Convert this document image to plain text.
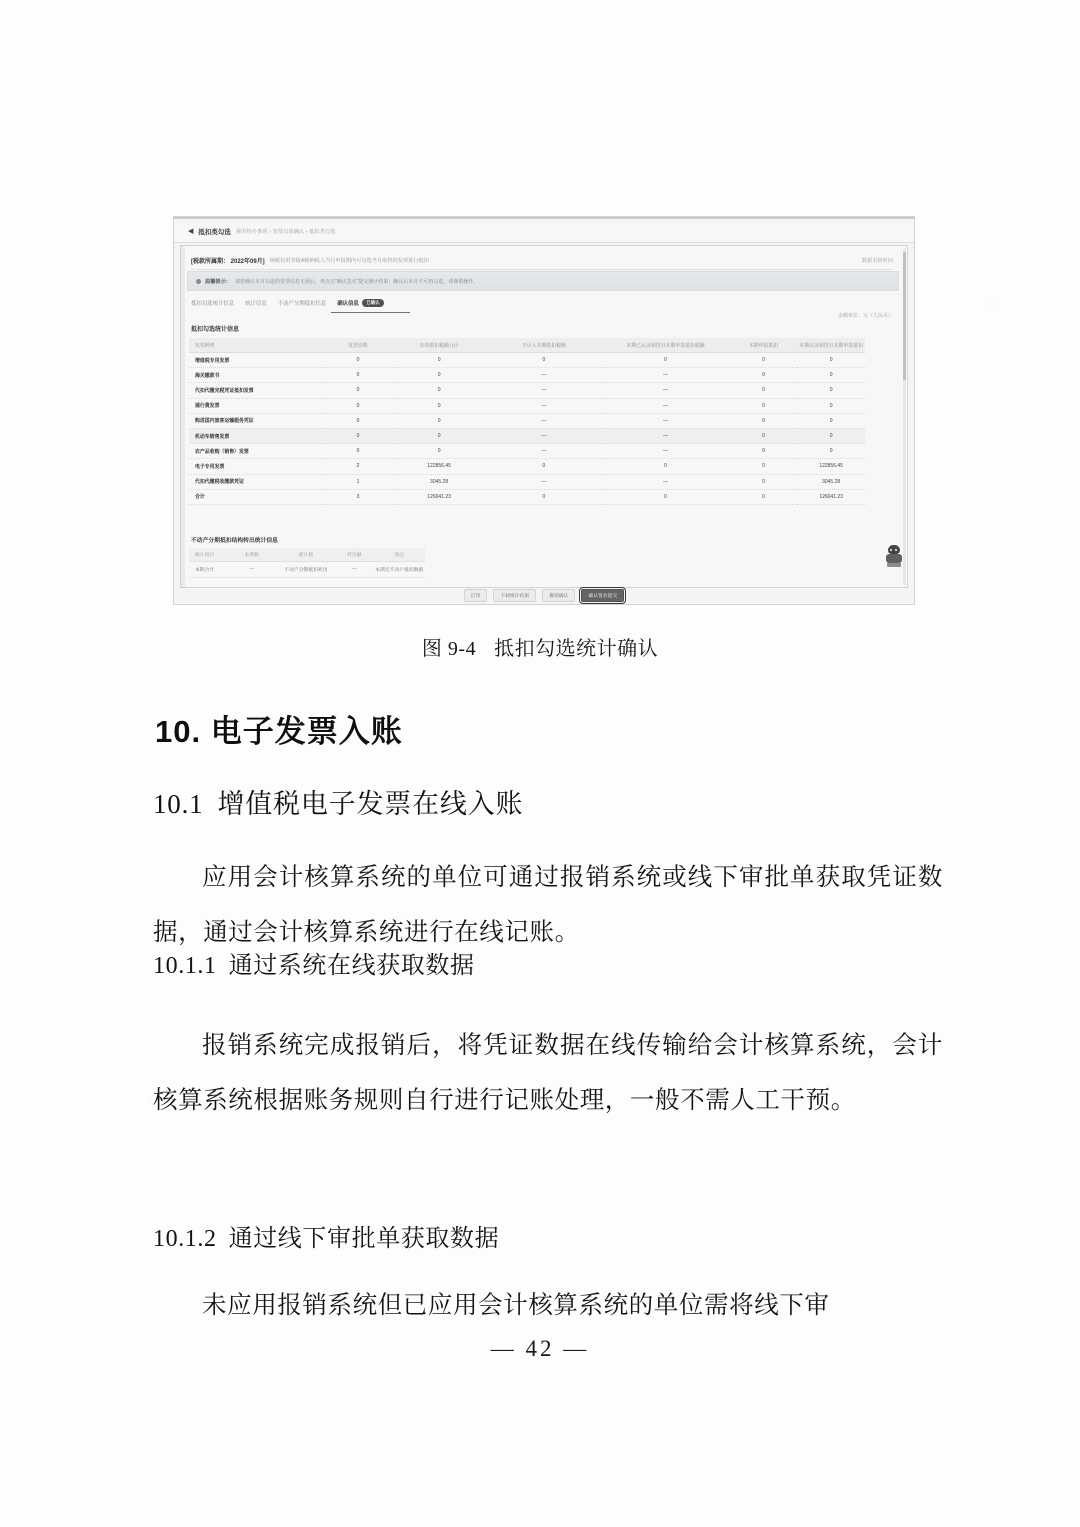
◀ 抵扣类勾选 我的待办事项 › 发票勾选确认 › 抵扣类勾选
[税款所属期： 2022年09月] 纳税信用等级A级纳税人当月申报期内可勾选当月取得的发票进行抵扣	数据更新时间
温馨提示： 请您确认本月勾选的发票信息无误后，再点击“确认签名”提交统计结果；确认后本月不可再勾选，请谨慎操作。
抵扣勾选统计信息 统计信息 不动产分期抵扣信息 确认信息 已确认
金额单位：元（人民币）
抵扣勾选统计信息
发票种类	发票份数	有效抵扣税额合计	不计入本期抵扣税额	本期已认证相符且本期申报抵扣税额	本期申报抵扣	本期认证相符且本期申报抵扣
增值税专用发票	0	0	0	0	0	0
海关缴款书	0	0	—	—	0	0
代扣代缴完税凭证抵扣发票	0	0	—	—	0	0
通行费发票	0	0	—	—	0	0
购进国内旅客运输服务凭证	0	0	—	—	0	0
机动车销售发票	0	0	—	—	0	0
农产品收购（销售）发票	0	0	—	—	0	0
电子专用发票	2	122856.45	0	0	0	122856.45
代扣代缴税收缴款凭证	1	3045.28	—	—	0	3045.28
合计	3	126041.23	0	0	0	126041.23
不动产分期抵扣结构转出统计信息
统计项目	本期数	累计数	转出额	备注
本期合计	—	不动产分期抵扣转出	—	本期无不动产抵扣数据
打印	下载统计结果	撤销确认	确认签名提交
图 9-4 抵扣勾选统计确认
10. 电子发票入账
10.1 增值税电子发票在线入账
应用会计核算系统的单位可通过报销系统或线下审批单获取凭证数据，通过会计核算系统进行在线记账。
10.1.1 通过系统在线获取数据
报销系统完成报销后，将凭证数据在线传输给会计核算系统，会计核算系统根据账务规则自行进行记账处理，一般不需人工干预。
10.1.2 通过线下审批单获取数据
未应用报销系统但已应用会计核算系统的单位需将线下审
— 42 —
